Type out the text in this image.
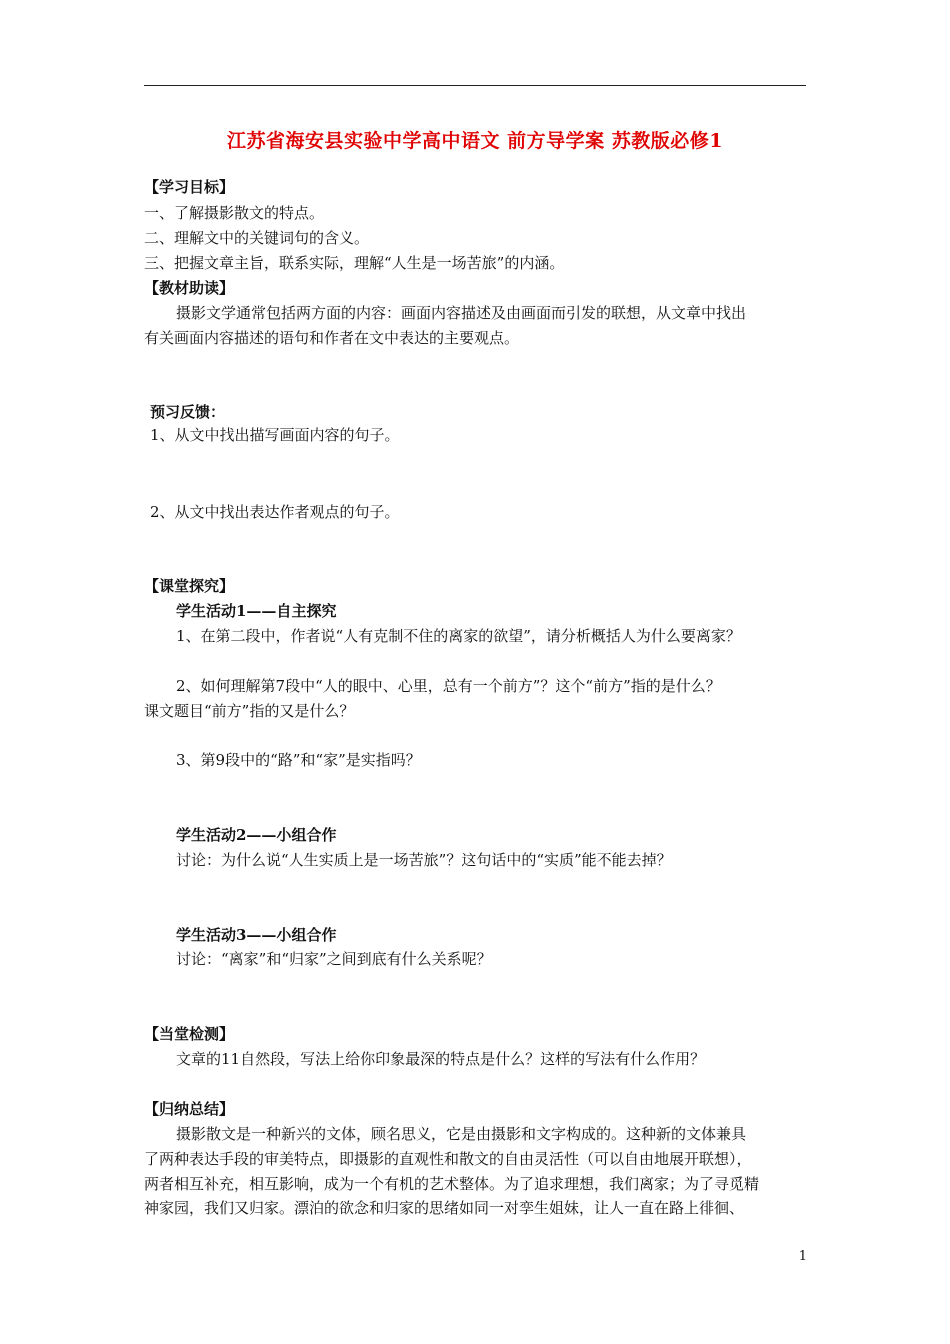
江苏省海安县实验中学高中语文 前方导学案 苏教版必修1
【学习目标】
一、了解摄影散文的特点。
二、理解文中的关键词句的含义。
三、把握文章主旨，联系实际，理解“人生是一场苦旅”的内涵。
【教材助读】
摄影文学通常包括两方面的内容：画面内容描述及由画面而引发的联想，从文章中找出
有关画面内容描述的语句和作者在文中表达的主要观点。
预习反馈：
1、从文中找出描写画面内容的句子。
2、从文中找出表达作者观点的句子。
【课堂探究】
学生活动1——自主探究
1、在第二段中，作者说“人有克制不住的离家的欲望”，请分析概括人为什么要离家？
2、如何理解第7段中“人的眼中、心里，总有一个前方”？这个“前方”指的是什么？
课文题目“前方”指的又是什么？
3、第9段中的“路”和“家”是实指吗？
学生活动2——小组合作
讨论：为什么说“人生实质上是一场苦旅”？这句话中的“实质”能不能去掉？
学生活动3——小组合作
讨论：“离家”和“归家”之间到底有什么关系呢？
【当堂检测】
文章的11自然段，写法上给你印象最深的特点是什么？这样的写法有什么作用？
【归纳总结】
摄影散文是一种新兴的文体，顾名思义，它是由摄影和文字构成的。这种新的文体兼具
了两种表达手段的审美特点，即摄影的直观性和散文的自由灵活性（可以自由地展开联想），
两者相互补充，相互影响，成为一个有机的艺术整体。为了追求理想，我们离家；为了寻觅精
神家园，我们又归家。漂泊的欲念和归家的思绪如同一对孪生姐妹，让人一直在路上徘徊、
1
